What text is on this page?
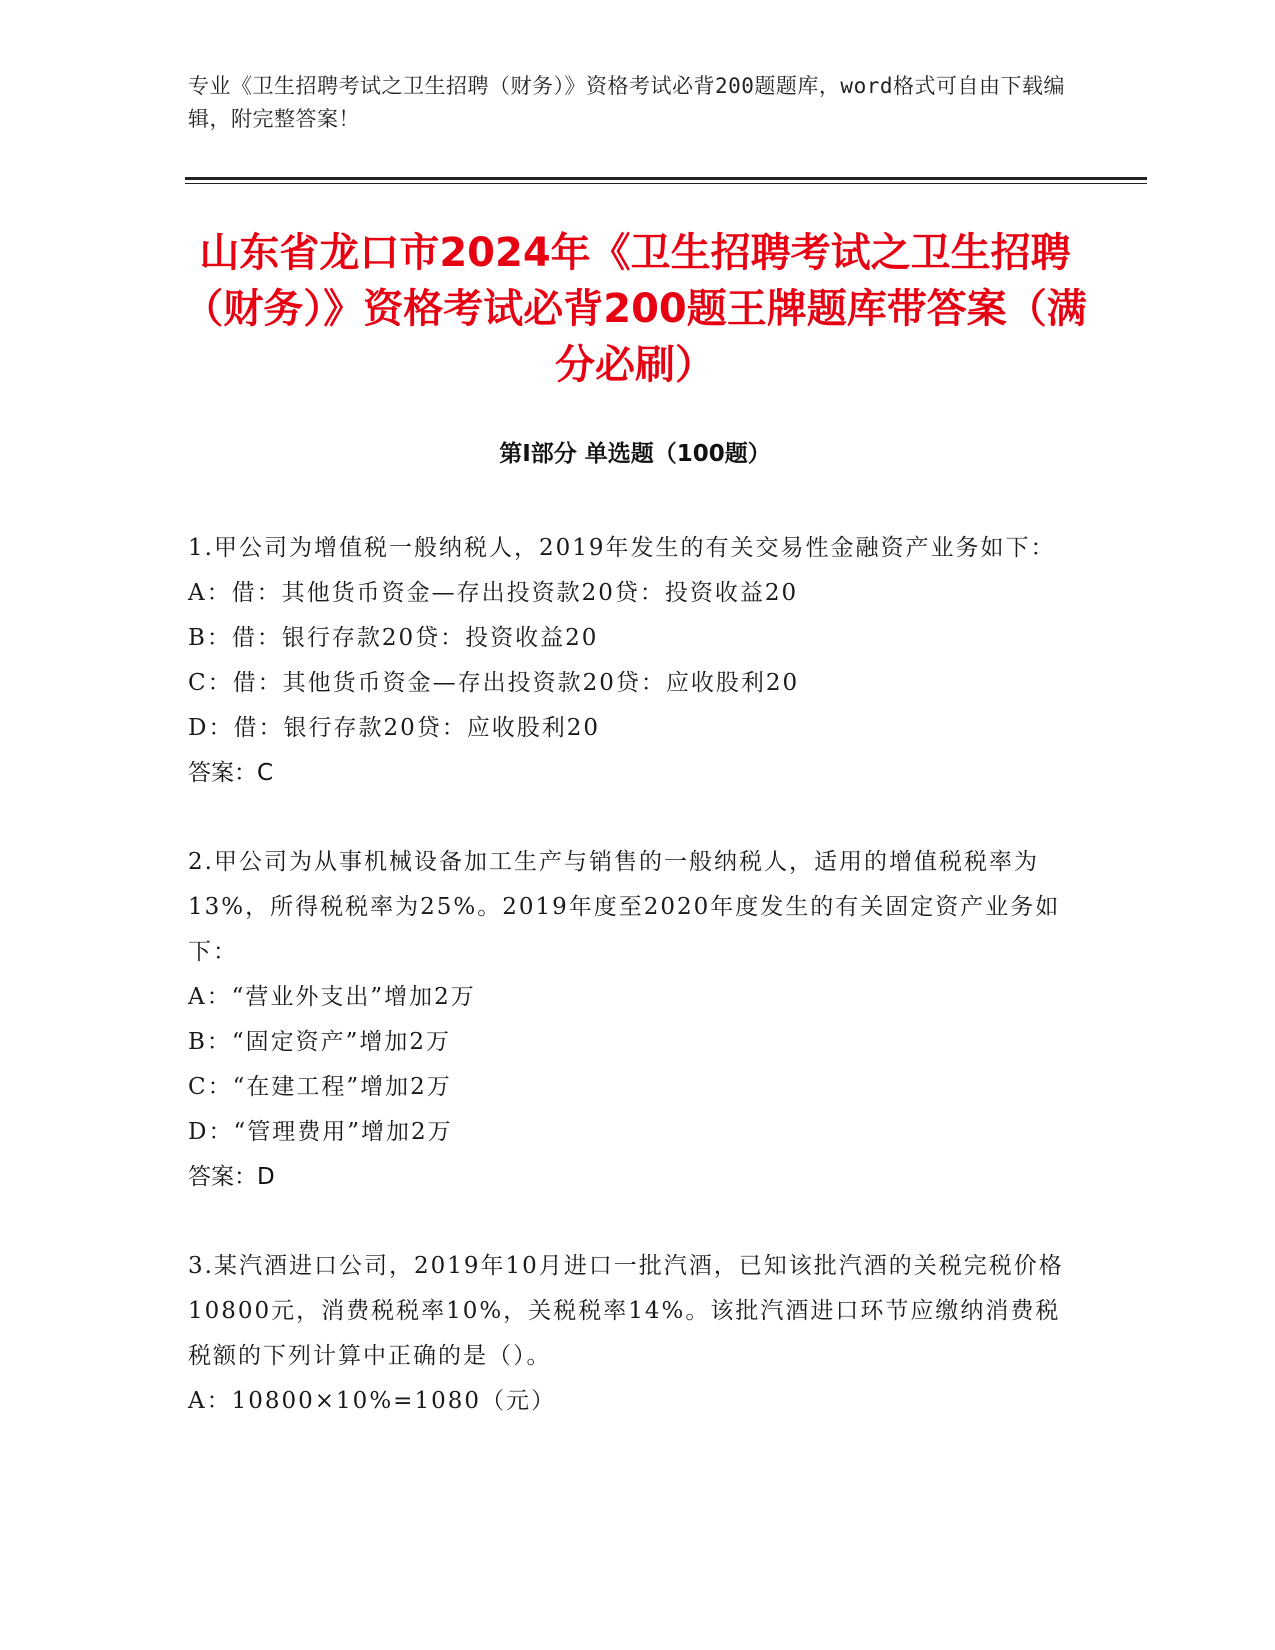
专业《卫生招聘考试之卫生招聘（财务）》资格考试必背200题题库，word格式可自由下载编辑，附完整答案！
山东省龙口市2024年《卫生招聘考试之卫生招聘（财务）》资格考试必背200题王牌题库带答案（满分必刷）
第Ⅰ部分 单选题（100题）

1.甲公司为增值税一般纳税人，2019年发生的有关交易性金融资产业务如下：

A：借：其他货币资金—存出投资款20贷：投资收益20

B：借：银行存款20贷：投资收益20

C：借：其他货币资金—存出投资款20贷：应收股利20

D：借：银行存款20贷：应收股利20

答案：C

2.甲公司为从事机械设备加工生产与销售的一般纳税人，适用的增值税税率为13%，所得税税率为25%。2019年度至2020年度发生的有关固定资产业务如下：

A：“营业外支出”增加2万

B：“固定资产”增加2万

C：“在建工程”增加2万

D：“管理费用”增加2万

答案：D

3.某汽酒进口公司，2019年10月进口一批汽酒，已知该批汽酒的关税完税价格10800元，消费税税率10%，关税税率14%。该批汽酒进口环节应缴纳消费税税额的下列计算中正确的是（）。

A：10800×10%=1080（元）
